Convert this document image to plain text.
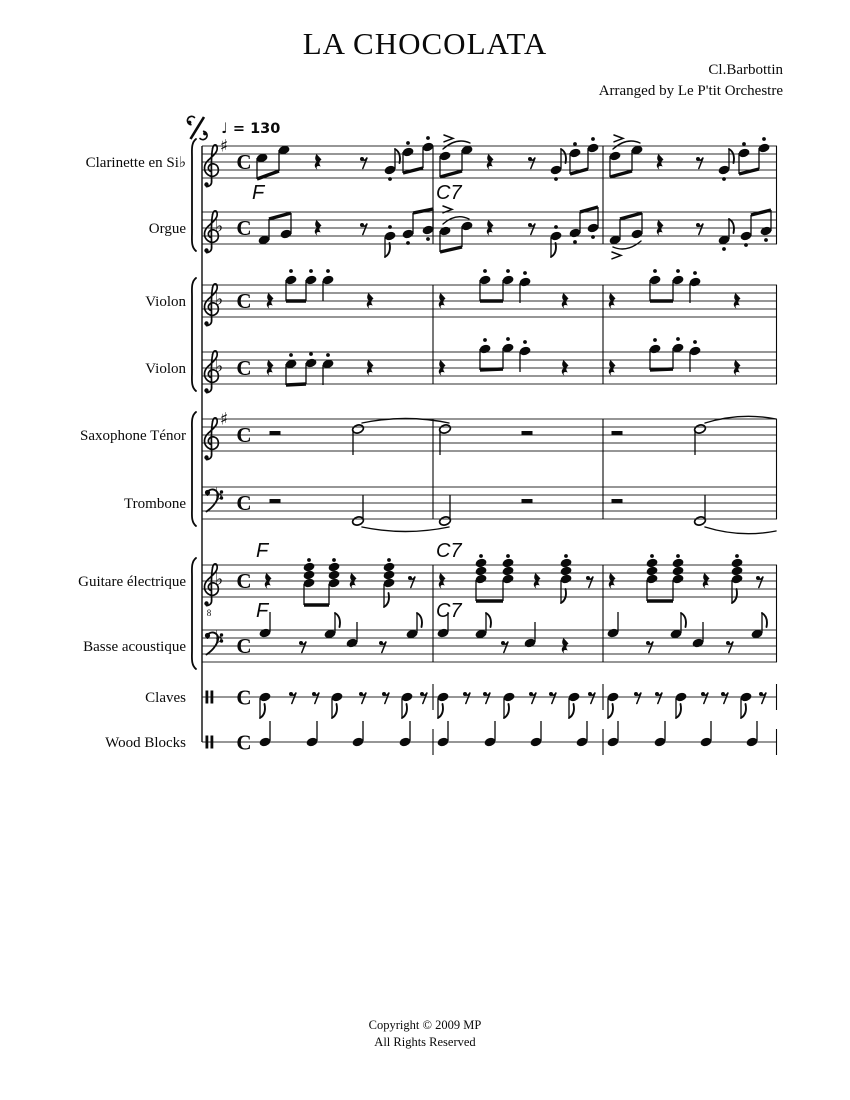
LA CHOCOLATA
Cl.Barbottin
Arranged by Le P'tit Orchestre
Clarinette en Si♭
♯
C
Orgue ♭ C
Violon ♭ C
Violon ♭ C
Saxophone Ténor
♯
C
Trombone ♭ C
Guitare électrique
8
♭ C
Basse acoustique ♭ C
Claves C
Wood Blocks C
♩ = 130
F	C7
F	C7
F	C7
Copyright © 2009 MP
All Rights Reserved
